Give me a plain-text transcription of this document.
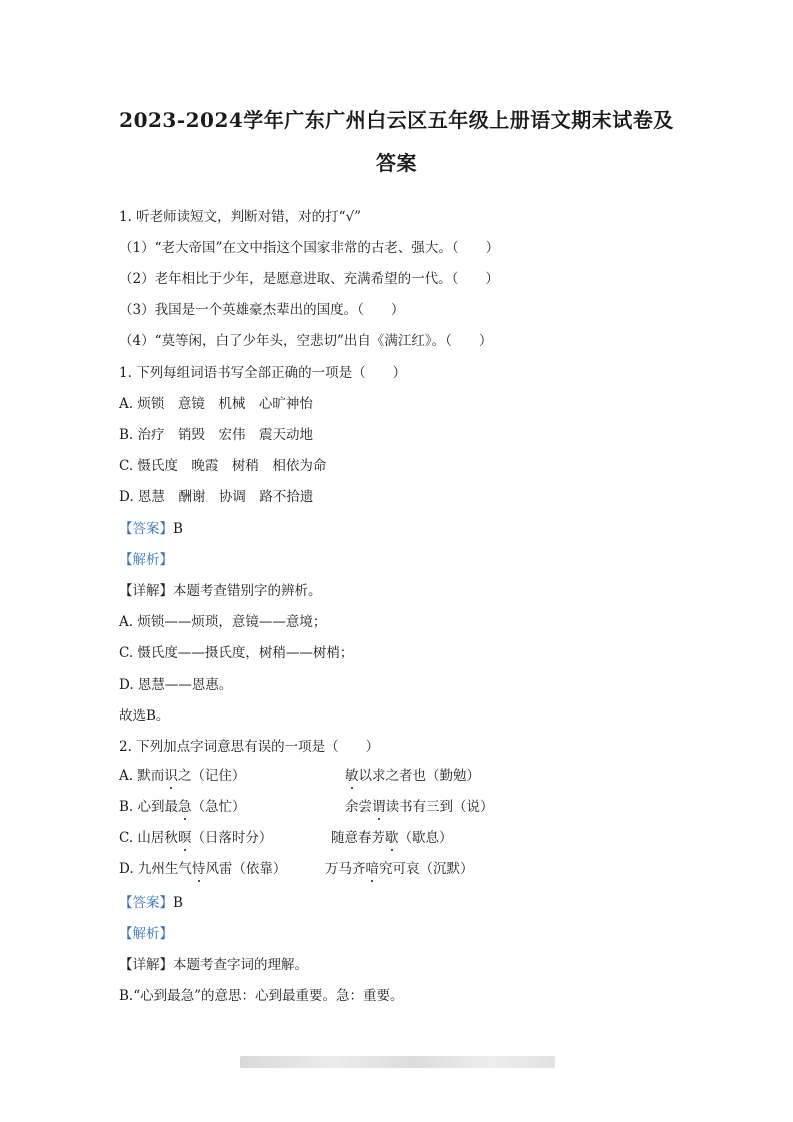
2023-2024学年广东广州白云区五年级上册语文期末试卷及
答案
1. 听老师读短文，判断对错，对的打“√”
（1）“老大帝国”在文中指这个国家非常的古老、强大。（　　）
（2）老年相比于少年，是愿意进取、充满希望的一代。（　　）
（3）我国是一个英雄豪杰辈出的国度。（　　）
（4）“莫等闲，白了少年头，空悲切”出自《满江红》。（　　）
1. 下列每组词语书写全部正确的一项是（　　）
A. 烦锁　意镜　机械　心旷神怡
B. 治疗　销毁　宏伟　震天动地
C. 慑氏度　晚霞　树稍　相依为命
D. 恩慧　酬谢　协调　路不拾遗
【答案】B
【解析】
【详解】本题考查错别字的辨析。
A. 烦锁——烦琐，意镜——意境；
C. 慑氏度——摄氏度，树稍——树梢；
D. 恩慧——恩惠。
故选B。
2. 下列加点字词意思有误的一项是（　　）
A. 默而识之（记住）	敏以求之者也（勤勉）
B. 心到最急（急忙）	余尝谓读书有三到（说）
C. 山居秋暝（日落时分）	随意春芳歇（歇息）
D. 九州生气恃风雷（依靠）	万马齐喑究可哀（沉默）
【答案】B
【解析】
【详解】本题考查字词的理解。
B.“心到最急”的意思：心到最重要。急：重要。
